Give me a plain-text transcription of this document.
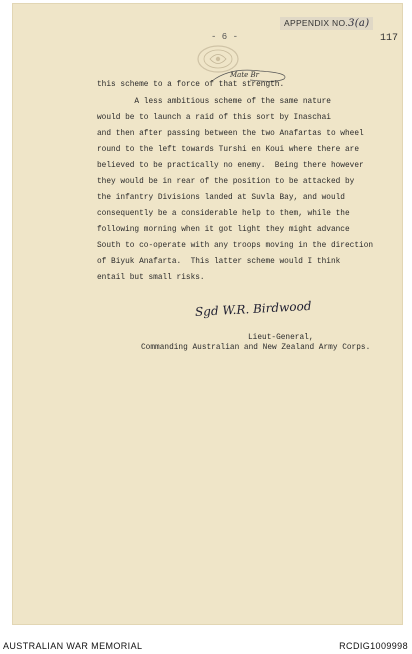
APPENDIX NO.3(a)
117
- 6 -
Mate Br
this scheme to a force of that strength.
A less ambitious scheme of the same nature
would be to launch a raid of this sort by Inaschai
and then after passing between the two Anafartas to wheel
round to the left towards Turshi en Koui where there are
believed to be practically no enemy.  Being there however
they would be in rear of the position to be attacked by
the infantry Divisions landed at Suvla Bay, and would
consequently be a considerable help to them, while the
following morning when it got light they might advance
South to co-operate with any troops moving in the direction
of Biyuk Anafarta.  This latter scheme would I think
entail but small risks.
Sgd W.R. Birdwood
Lieut-General,
Commanding Australian and New Zealand Army Corps.
AUSTRALIAN WAR MEMORIAL	RCDIG1009998
